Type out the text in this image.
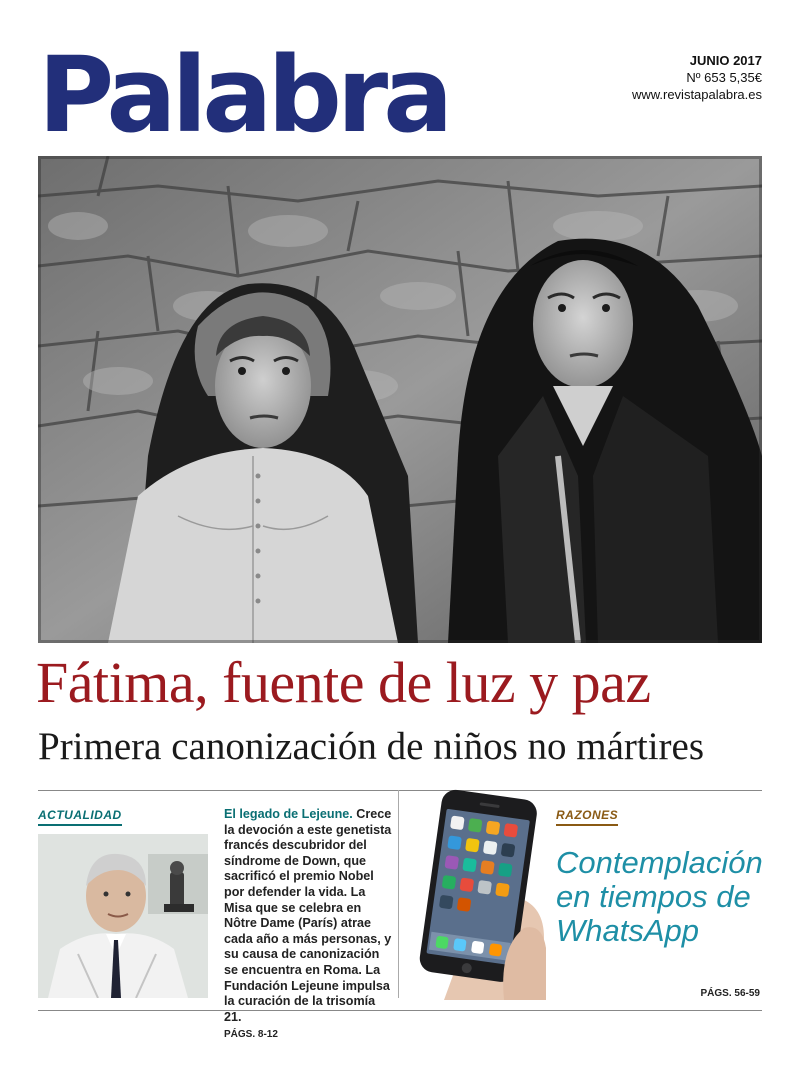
Palabra	JUNIO 2017
Nº 653 5,35€
www.revistapalabra.es
Fátima, fuente de luz y paz
Primera canonización de niños no mártires
ACTUALIDAD	El legado de Lejeune. Crece la devoción a este genetista francés descubridor del síndrome de Down, que sacrificó el premio Nobel por defender la vida. La Misa que se celebra en Nôtre Dame (París) atrae cada año a más personas, y su causa de canonización se encuentra en Roma. La Fundación Lejeune impulsa la curación de la trisomía 21.
PÁGS. 8-12
RAZONES
Contemplación en tiempos de WhatsApp
PÁGS. 56-59
